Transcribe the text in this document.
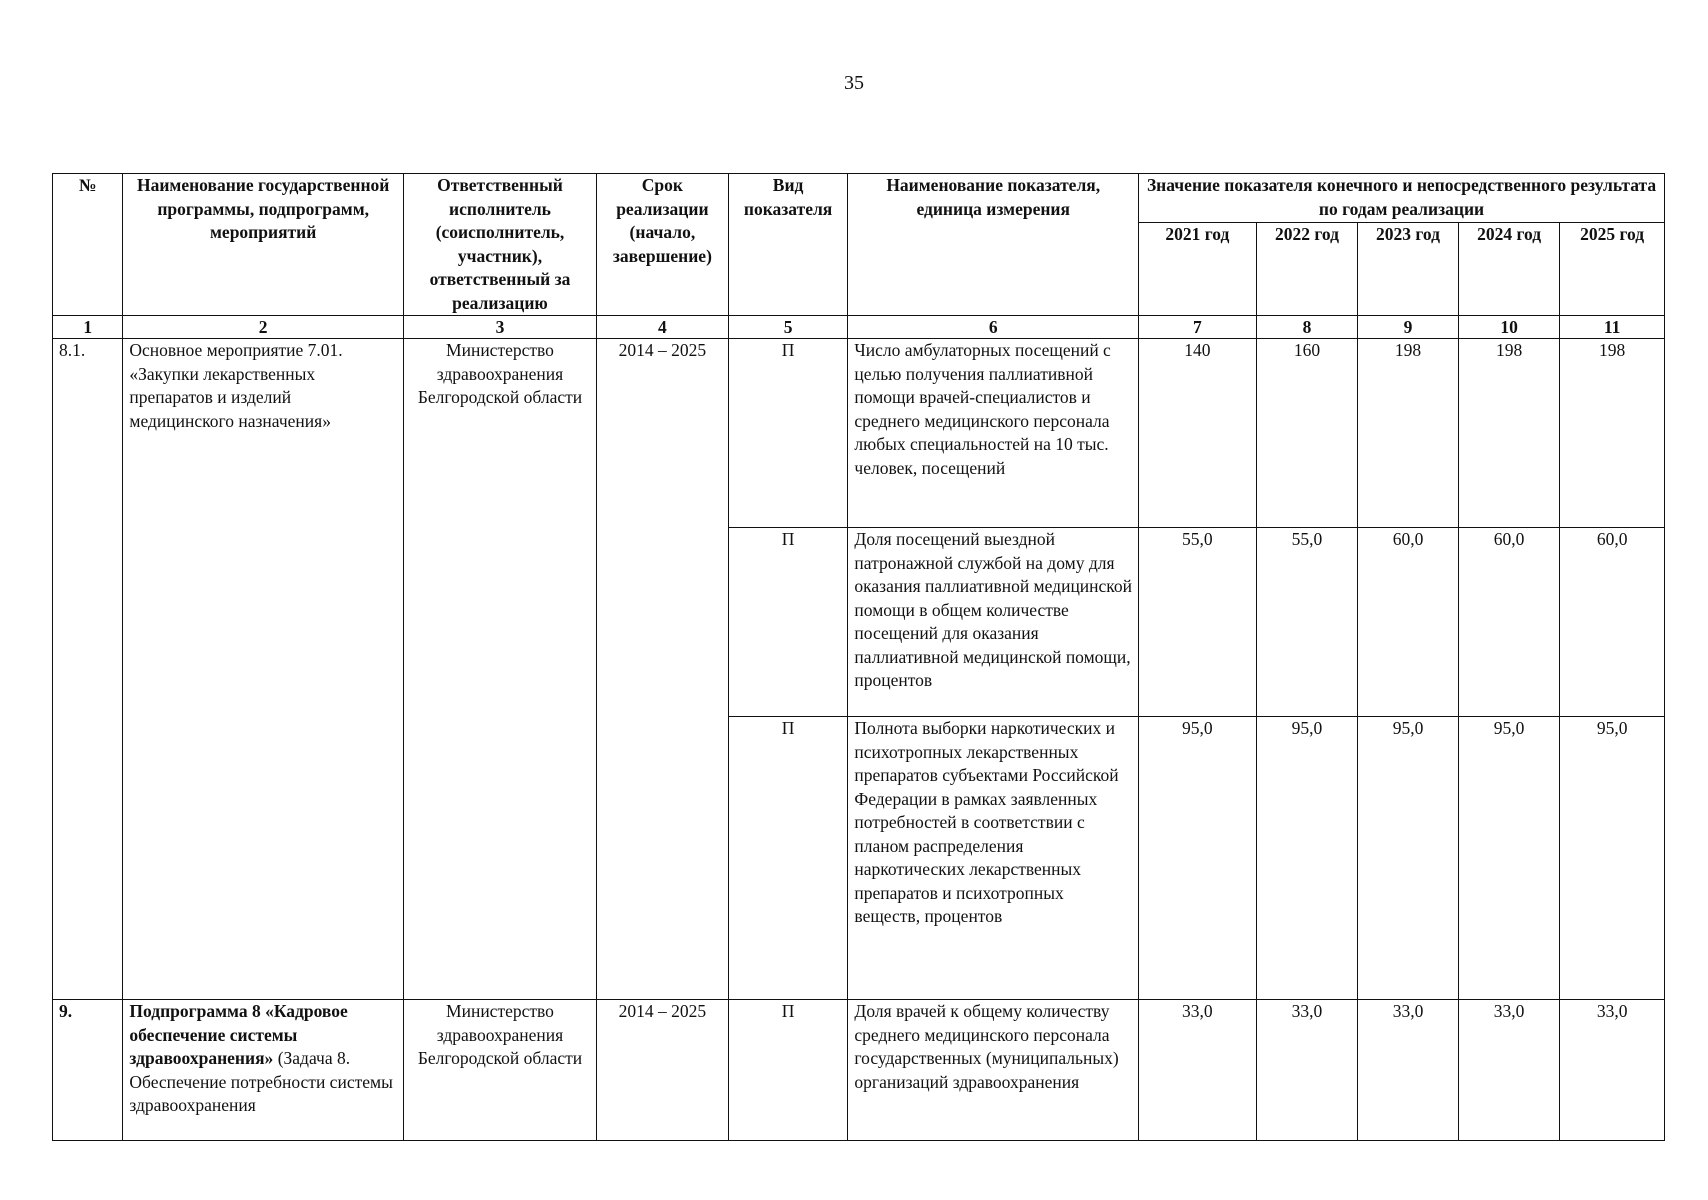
35
№	Наименование государственной программы, подпрограмм, мероприятий	Ответственный исполнитель (соисполнитель, участник), ответственный за реализацию	Срок реализации (начало, завершение)	Вид показателя	Наименование показателя, единица измерения	Значение показателя конечного и непосредственного результата по годам реализации				
						2021 год	2022 год	2023 год	2024 год	2025 год
1	2	3	4	5	6	7	8	9	10	11
8.1.	Основное мероприятие 7.01. «Закупки лекарственных препаратов и изделий медицинского назначения»	Министерство здравоохранения Белгородской области	2014 – 2025	П	Число амбулаторных посещений с целью получения паллиативной помощи врачей-специалистов и среднего медицинского персонала любых специальностей на 10 тыс. человек, посещений	140	160	198	198	198
				П	Доля посещений выездной патронажной службой на дому для оказания паллиативной медицинской помощи в общем количестве посещений для оказания паллиативной медицинской помощи, процентов	55,0	55,0	60,0	60,0	60,0
				П	Полнота выборки наркотических и психотропных лекарственных препаратов субъектами Российской Федерации в рамках заявленных потребностей в соответствии с планом распределения наркотических лекарственных препаратов и психотропных веществ, процентов	95,0	95,0	95,0	95,0	95,0
9.	Подпрограмма 8 «Кадровое обеспечение системы здравоохранения» (Задача 8. Обеспечение потребности системы здравоохранения	Министерство здравоохранения Белгородской области	2014 – 2025	П	Доля врачей к общему количеству среднего медицинского персонала государственных (муниципальных) организаций здравоохранения	33,0	33,0	33,0	33,0	33,0
